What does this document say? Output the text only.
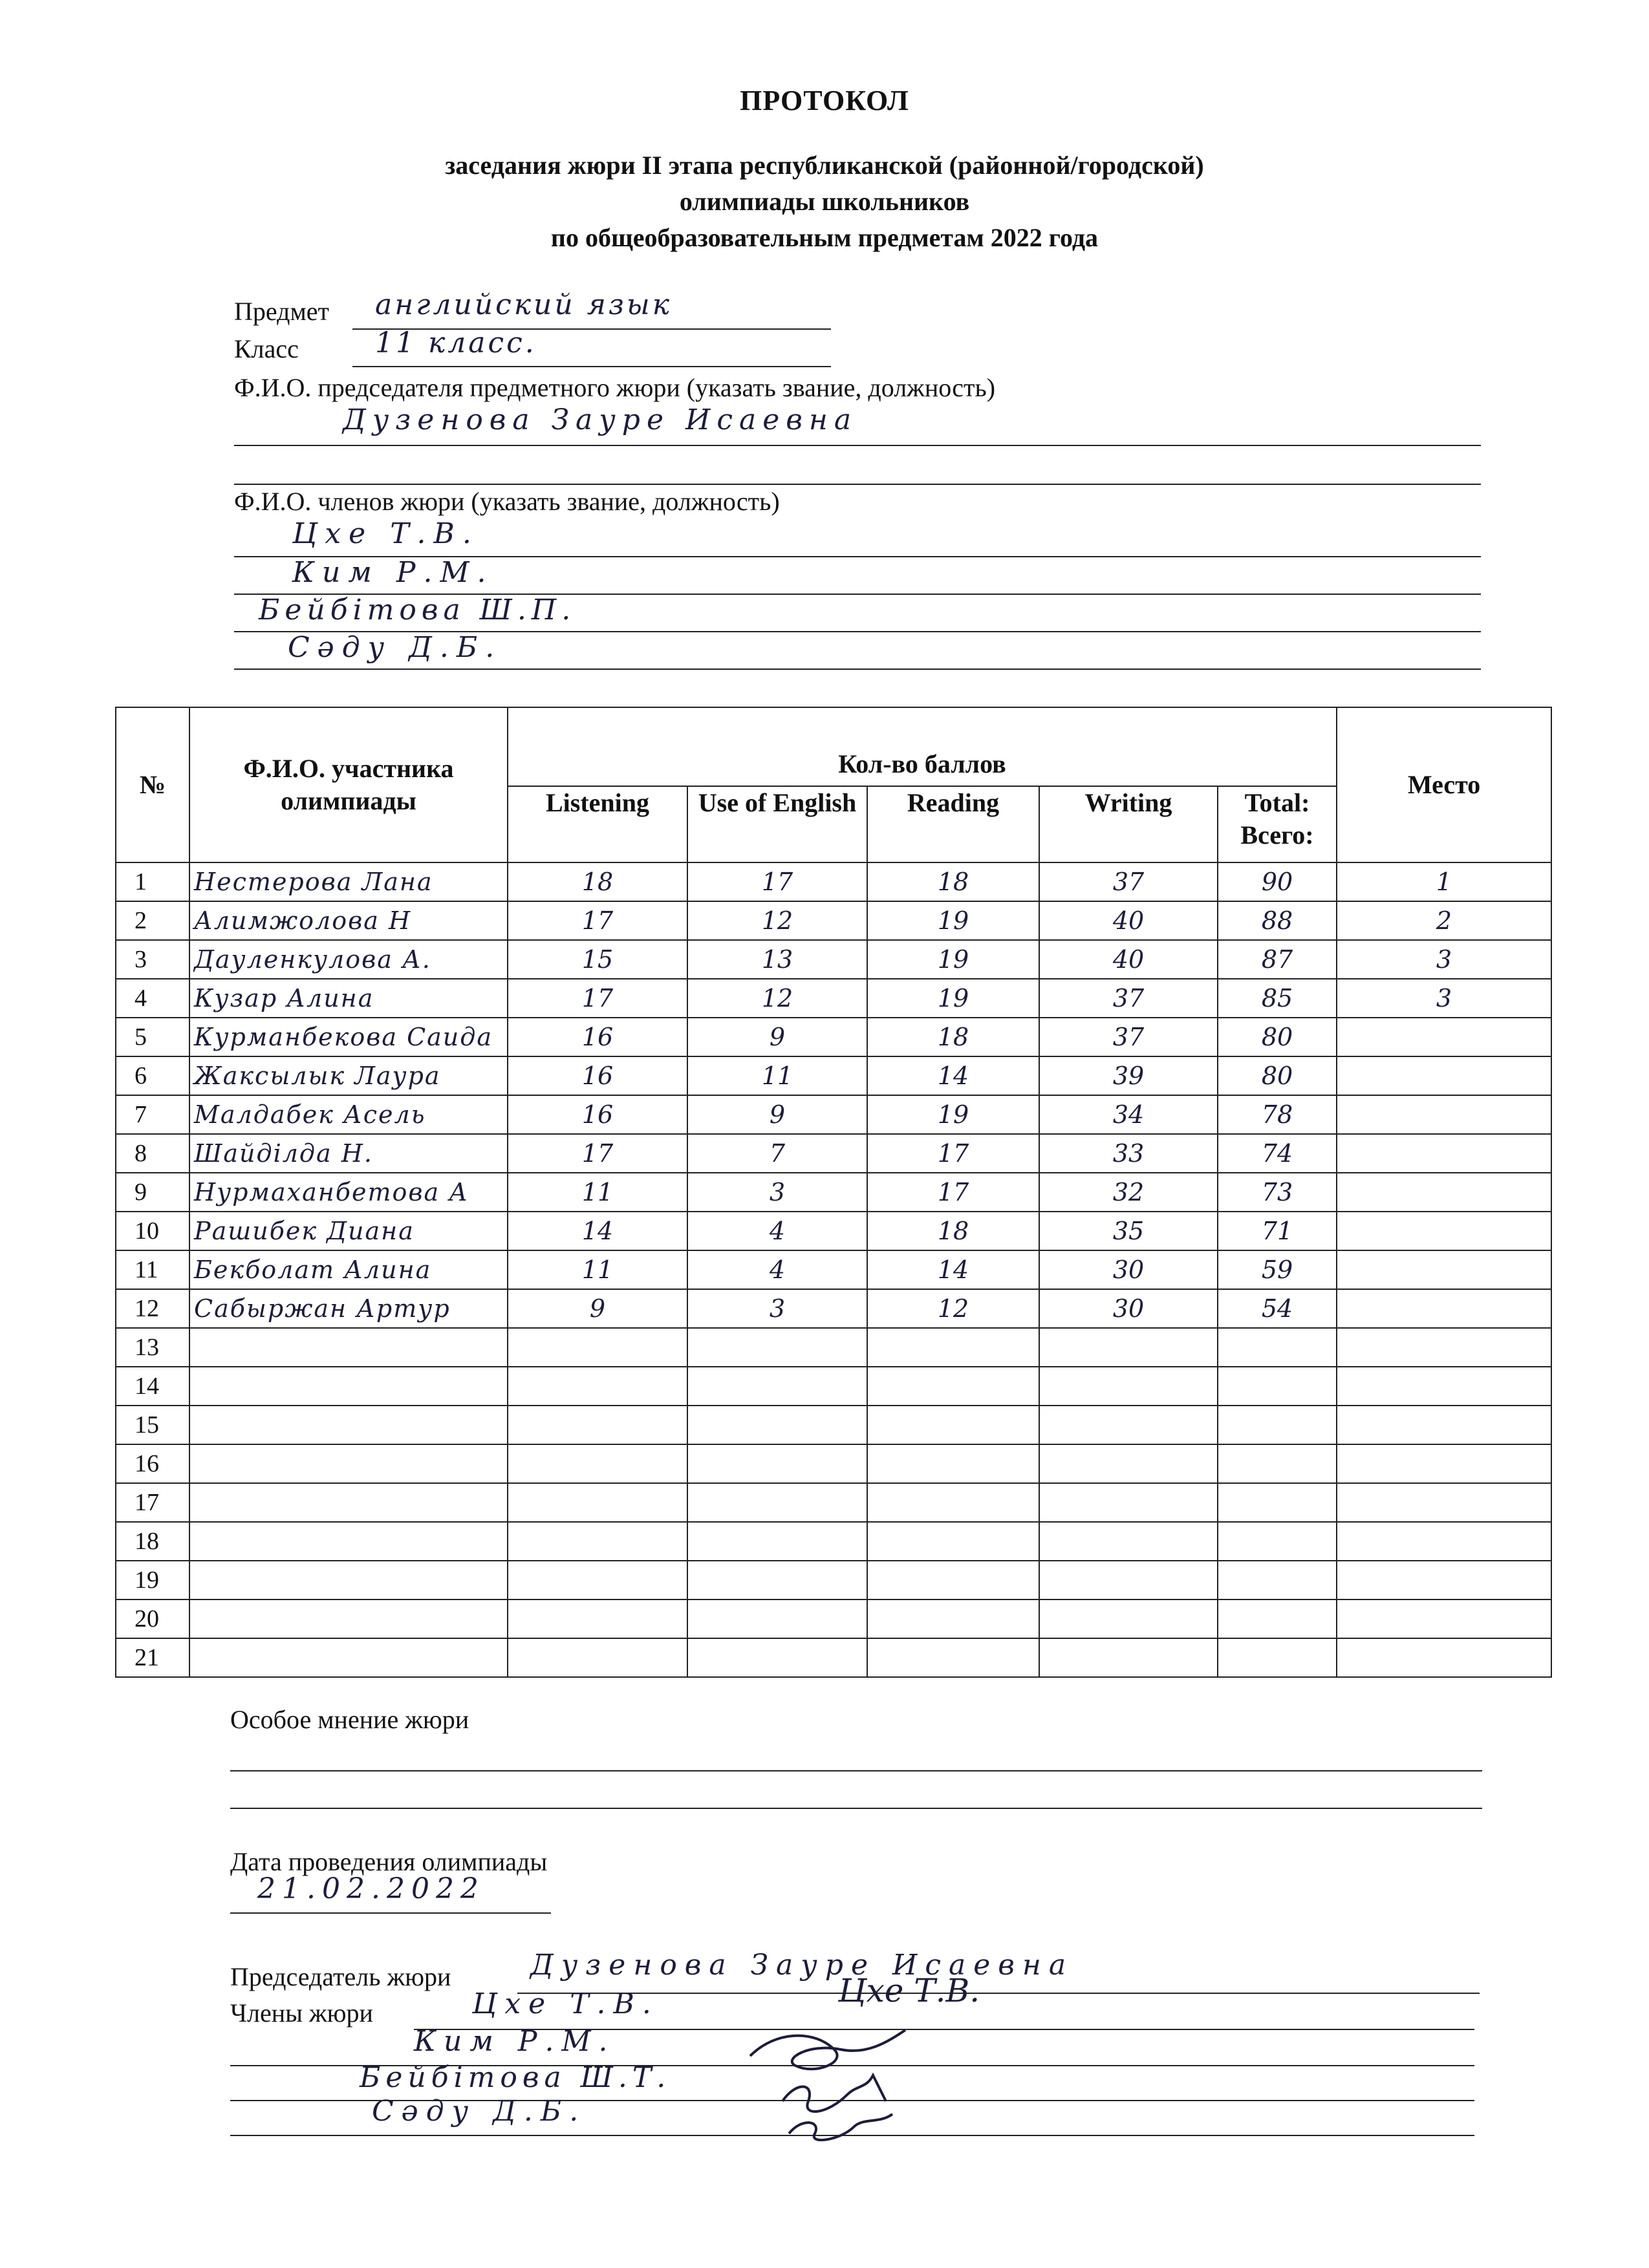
ПРОТОКОЛ
заседания жюри II этапа республиканской (районной/городской)
олимпиады школьников
по общеобразовательным предметам 2022 года
Предмет английский язык
Класс	11 класс.
Ф.И.О. председателя предметного жюри (указать звание, должность)
Дузенова Зауре Исаевна
Ф.И.О. членов жюри (указать звание, должность)
Цхе Т.В.
Ким Р.М.
Бейбітова Ш.П.
Сәду Д.Б.
№	Ф.И.О. участника олимпиады	Кол-во баллов					Место
		Listening	Use of English	Reading	Writing	Total: Всего:	
1	Нестерова Лана	18	17	18	37	90	1
2	Алимжолова Н	17	12	19	40	88	2
3	Дауленкулова А.	15	13	19	40	87	3
4	Кузар Алина	17	12	19	37	85	3
5	Курманбекова Саида	16	9	18	37	80	
6	Жаксылык Лаура	16	11	14	39	80	
7	Малдабек Асель	16	9	19	34	78	
8	Шайділда Н.	17	7	17	33	74	
9	Нурмаханбетова А	11	3	17	32	73	
10	Рашибек Диана	14	4	18	35	71	
11	Бекболат Алина	11	4	14	30	59	
12	Сабыржан Артур	9	3	12	30	54	
13							
14							
15							
16							
17							
18							
19							
20							
21							
Особое мнение жюри
Дата проведения олимпиады
21.02.2022
Председатель жюри	Дузенова Зауре Исаевна
Члены жюри	Цхе Т.В.
Ким Р.М.
Бейбітова Ш.Т.
Сәду Д.Б.
Цхе Т.В.
